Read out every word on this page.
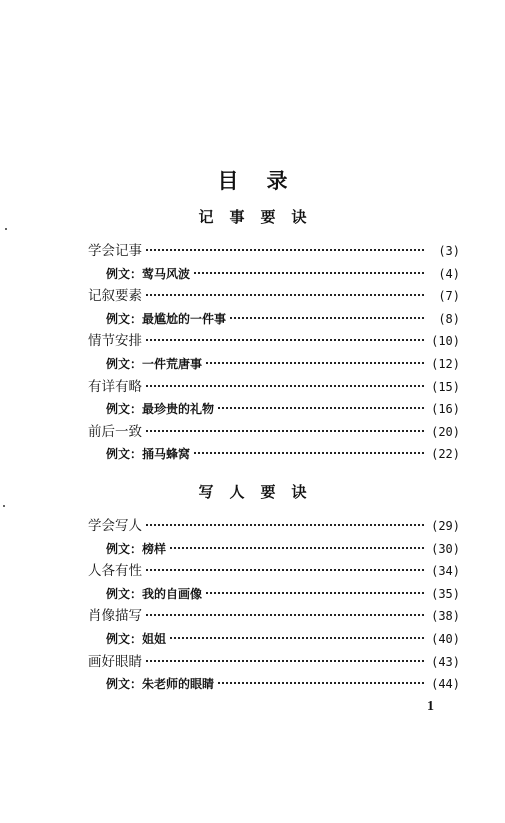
目录
记事要诀
学会记事	(3)
例文：莺马风波	(4)
记叙要素	(7)
例文：最尴尬的一件事	(8)
情节安排	(10)
例文：一件荒唐事	(12)
有详有略	(15)
例文：最珍贵的礼物	(16)
前后一致	(20)
例文：捅马蜂窝	(22)
写人要诀
学会写人	(29)
例文：榜样	(30)
人各有性	(34)
例文：我的自画像	(35)
肖像描写	(38)
例文：姐姐	(40)
画好眼睛	(43)
例文：朱老师的眼睛	(44)
1
